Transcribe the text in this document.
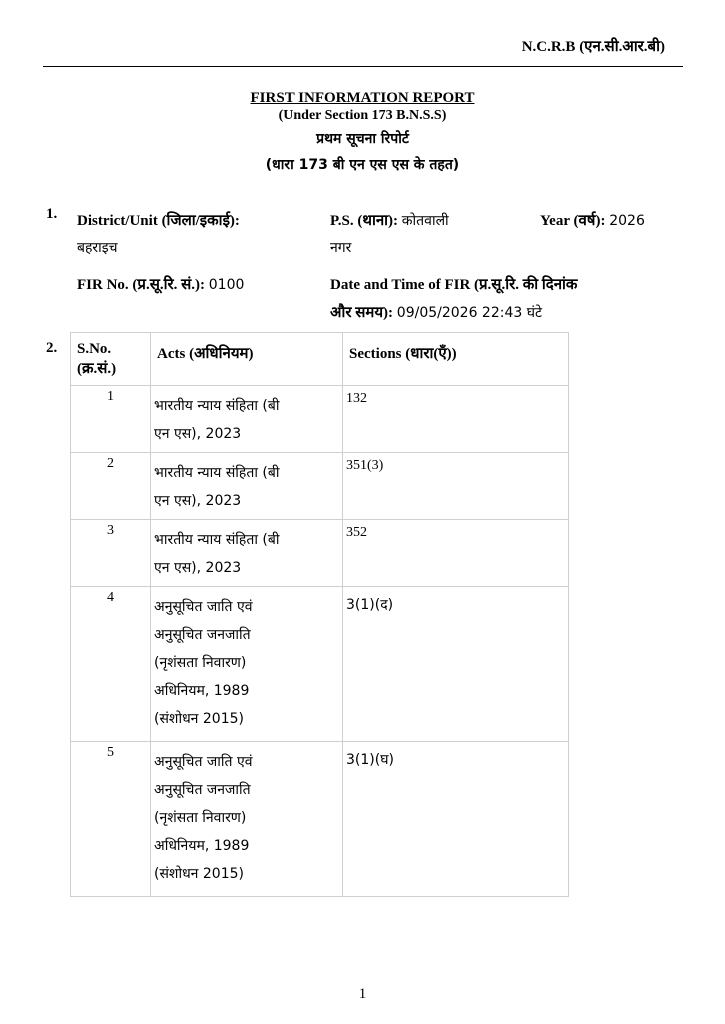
N.C.R.B (एन.सी.आर.बी)
FIRST INFORMATION REPORT
(Under Section 173 B.N.S.S)
प्रथम सूचना रिपोर्ट
(धारा 173 बी एन एस एस के तहत)
1. District/Unit (जिला/इकाई):
बहराइच
P.S. (थाना): कोतवाली
नगर
Year (वर्ष): 2026
FIR No. (प्र.सू.रि. सं.): 0100	Date and Time of FIR (प्र.सू.रि. की दिनांक
और समय): 09/05/2026 22:43 घंटे
2. S.No.
(क्र.सं.)	Acts (अधिनियम)	Sections (धारा(एँ))

1	भारतीय न्याय संहिता (बी
एन एस), 2023	132
2	भारतीय न्याय संहिता (बी
एन एस), 2023	351(3)
3	भारतीय न्याय संहिता (बी
एन एस), 2023	352
4	अनुसूचित जाति एवं
अनुसूचित जनजाति
(नृशंसता निवारण)
अधिनियम, 1989
(संशोधन 2015)	3(1)(द)
5	अनुसूचित जाति एवं
अनुसूचित जनजाति
(नृशंसता निवारण)
अधिनियम, 1989
(संशोधन 2015)	3(1)(घ)
1
